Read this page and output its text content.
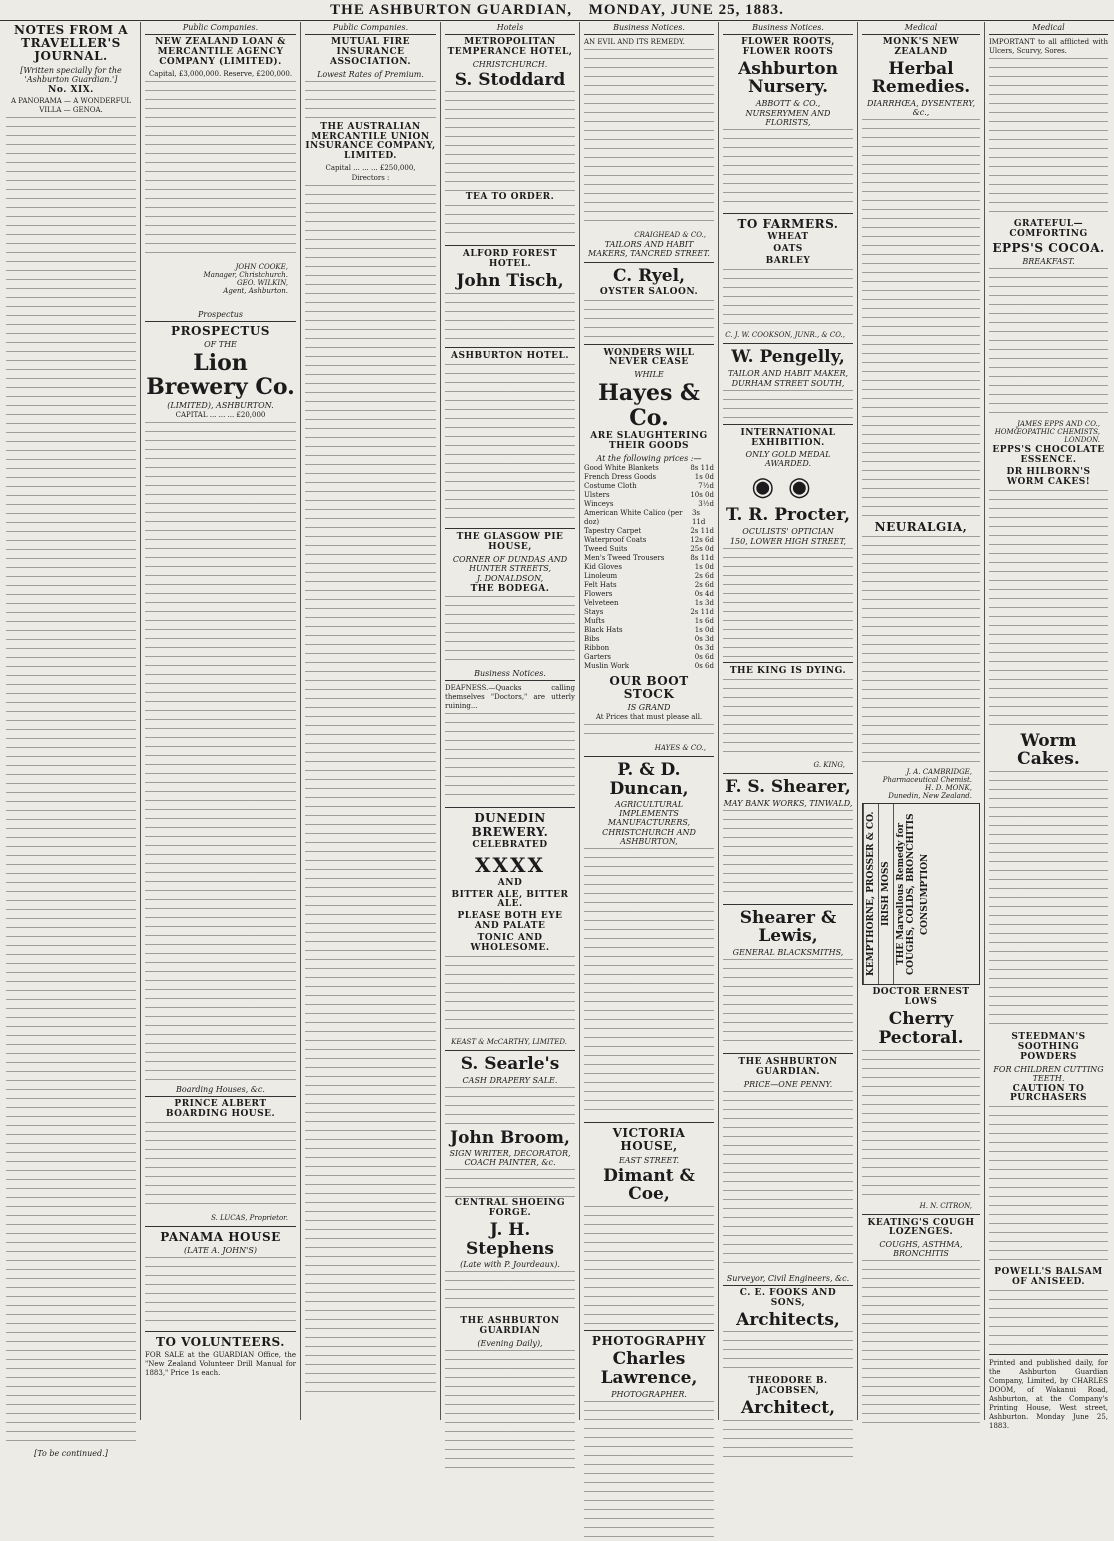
THE ASHBURTON GUARDIAN, MONDAY, JUNE 25, 1883.
NOTES FROM A TRAVELLER'S JOURNAL.
[Written specially for the 'Ashburton Guardian.']
No. XIX.
A PANORAMA — A WONDERFUL VILLA — GENOA.
[To be continued.]
Public Companies.
NEW ZEALAND LOAN & MERCANTILE AGENCY COMPANY (LIMITED).
Capital, £3,000,000. Reserve, £200,000.
JOHN COOKE,
Manager, Christchurch.
GEO. WILKIN,
Agent, Ashburton.
Prospectus
PROSPECTUS
OF THE
Lion Brewery Co.
(LIMITED), ASHBURTON.
CAPITAL ... ... ... £20,000
Boarding Houses, &c.
PRINCE ALBERT BOARDING HOUSE.
S. LUCAS, Proprietor.
PANAMA HOUSE
(LATE A. JOHN'S)
TO VOLUNTEERS.
FOR SALE at the GUARDIAN Office, the "New Zealand Volunteer Drill Manual for 1883," Price 1s each.
Public Companies.
MUTUAL FIRE INSURANCE ASSOCIATION.
Lowest Rates of Premium.
THE AUSTRALIAN MERCANTILE UNION INSURANCE COMPANY, LIMITED.
Capital ... ... ... £250,000,
Directors :
Hotels
METROPOLITAN TEMPERANCE HOTEL,
CHRISTCHURCH.
S. Stoddard
TEA TO ORDER.
ALFORD FOREST HOTEL.
John Tisch,
ASHBURTON HOTEL.
THE GLASGOW PIE HOUSE,
CORNER OF DUNDAS AND HUNTER STREETS,
J. DONALDSON,
THE BODEGA.
Business Notices.
DEAFNESS.—Quacks calling themselves "Doctors," are utterly ruining...
DUNEDIN BREWERY.
CELEBRATED
XXXX
AND
BITTER ALE, BITTER ALE.
PLEASE BOTH EYE AND PALATE
TONIC AND WHOLESOME.
KEAST & McCARTHY, LIMITED.
S. Searle's
CASH DRAPERY SALE.
John Broom,
SIGN WRITER, DECORATOR, COACH PAINTER, &c.
CENTRAL SHOEING FORGE.
J. H. Stephens
(Late with P. Jourdeaux).
THE ASHBURTON GUARDIAN
(Evening Daily),
Business Notices.
AN EVIL AND ITS REMEDY.
CRAIGHEAD & CO.,
TAILORS AND HABIT MAKERS, TANCRED STREET.
C. Ryel,
OYSTER SALOON.
WONDERS WILL NEVER CEASE
WHILE
Hayes & Co.
ARE SLAUGHTERING THEIR GOODS
At the following prices :—
Good White Blankets	8s 11d
French Dress Goods	1s 0d
Costume Cloth	7½d
Ulsters	10s 0d
Winceys	3½d
American White Calico (per doz)
3s 11d
Tapestry Carpet	2s 11d
Waterproof Coats	12s 6d
Tweed Suits	25s 0d
Men's Tweed Trousers	8s 11d
Kid Gloves	1s 0d
Linoleum	2s 6d
Felt Hats	2s 6d
Flowers	0s 4d
Velveteen	1s 3d
Stays	2s 11d
Mufts	1s 6d
Black Hats	1s 0d
Bibs	0s 3d
Ribbon	0s 3d
Garters	0s 6d
Muslin Work	0s 6d
OUR BOOT STOCK
IS GRAND
At Prices that must please all.
HAYES & CO.,
P. & D. Duncan,
AGRICULTURAL IMPLEMENTS MANUFACTURERS,
CHRISTCHURCH AND ASHBURTON,
VICTORIA HOUSE,
EAST STREET.
Dimant & Coe,
PHOTOGRAPHY
Charles Lawrence,
PHOTOGRAPHER.
Business Notices.
FLOWER ROOTS, FLOWER ROOTS
Ashburton Nursery.
ABBOTT & CO.,
NURSERYMEN AND FLORISTS,
TO FARMERS.
WHEAT
OATS
BARLEY
C. J. W. COOKSON, JUNR., & CO.,
W. Pengelly,
TAILOR AND HABIT MAKER,
DURHAM STREET SOUTH,
INTERNATIONAL EXHIBITION.
ONLY GOLD MEDAL AWARDED.
◉◉
T. R. Procter,
OCULISTS' OPTICIAN
150, LOWER HIGH STREET,
THE KING IS DYING.
G. KING,
F. S. Shearer,
MAY BANK WORKS, TINWALD,
Shearer & Lewis,
GENERAL BLACKSMITHS,
THE ASHBURTON GUARDIAN.
PRICE—ONE PENNY.
Surveyor, Civil Engineers, &c.
C. E. FOOKS AND SONS,
Architects,
THEODORE B. JACOBSEN,
Architect,
Medical
MONK'S NEW ZEALAND
Herbal Remedies.
DIARRHŒA, DYSENTERY, &c.,
NEURALGIA,
J. A. CAMBRIDGE, Pharmaceutical Chemist.
H. D. MONK,
Dunedin, New Zealand.
KEMPTHORNE, PROSSER & CO. IRISH MOSS THE Marvellous Remedy for COUGHS, COLDS, BRONCHITIS CONSUMPTION
DOCTOR ERNEST LOWS
Cherry Pectoral.
H. N. CITRON,
KEATING'S COUGH LOZENGES.
COUGHS, ASTHMA, BRONCHITIS
Medical
IMPORTANT to all afflicted with Ulcers, Scurvy, Sores.
GRATEFUL—COMFORTING
EPPS'S COCOA.
BREAKFAST.
JAMES EPPS AND CO., HOMŒOPATHIC CHEMISTS, LONDON.
EPPS'S CHOCOLATE ESSENCE.
DR HILBORN'S WORM CAKES!
Worm Cakes.
STEEDMAN'S SOOTHING POWDERS
FOR CHILDREN CUTTING TEETH.
CAUTION TO PURCHASERS
POWELL'S BALSAM OF ANISEED.
Printed and published daily, for the Ashburton Guardian Company, Limited, by CHARLES DOOM, of Wakanui Road, Ashburton, at the Company's Printing House, West street, Ashburton. Monday June 25, 1883.
